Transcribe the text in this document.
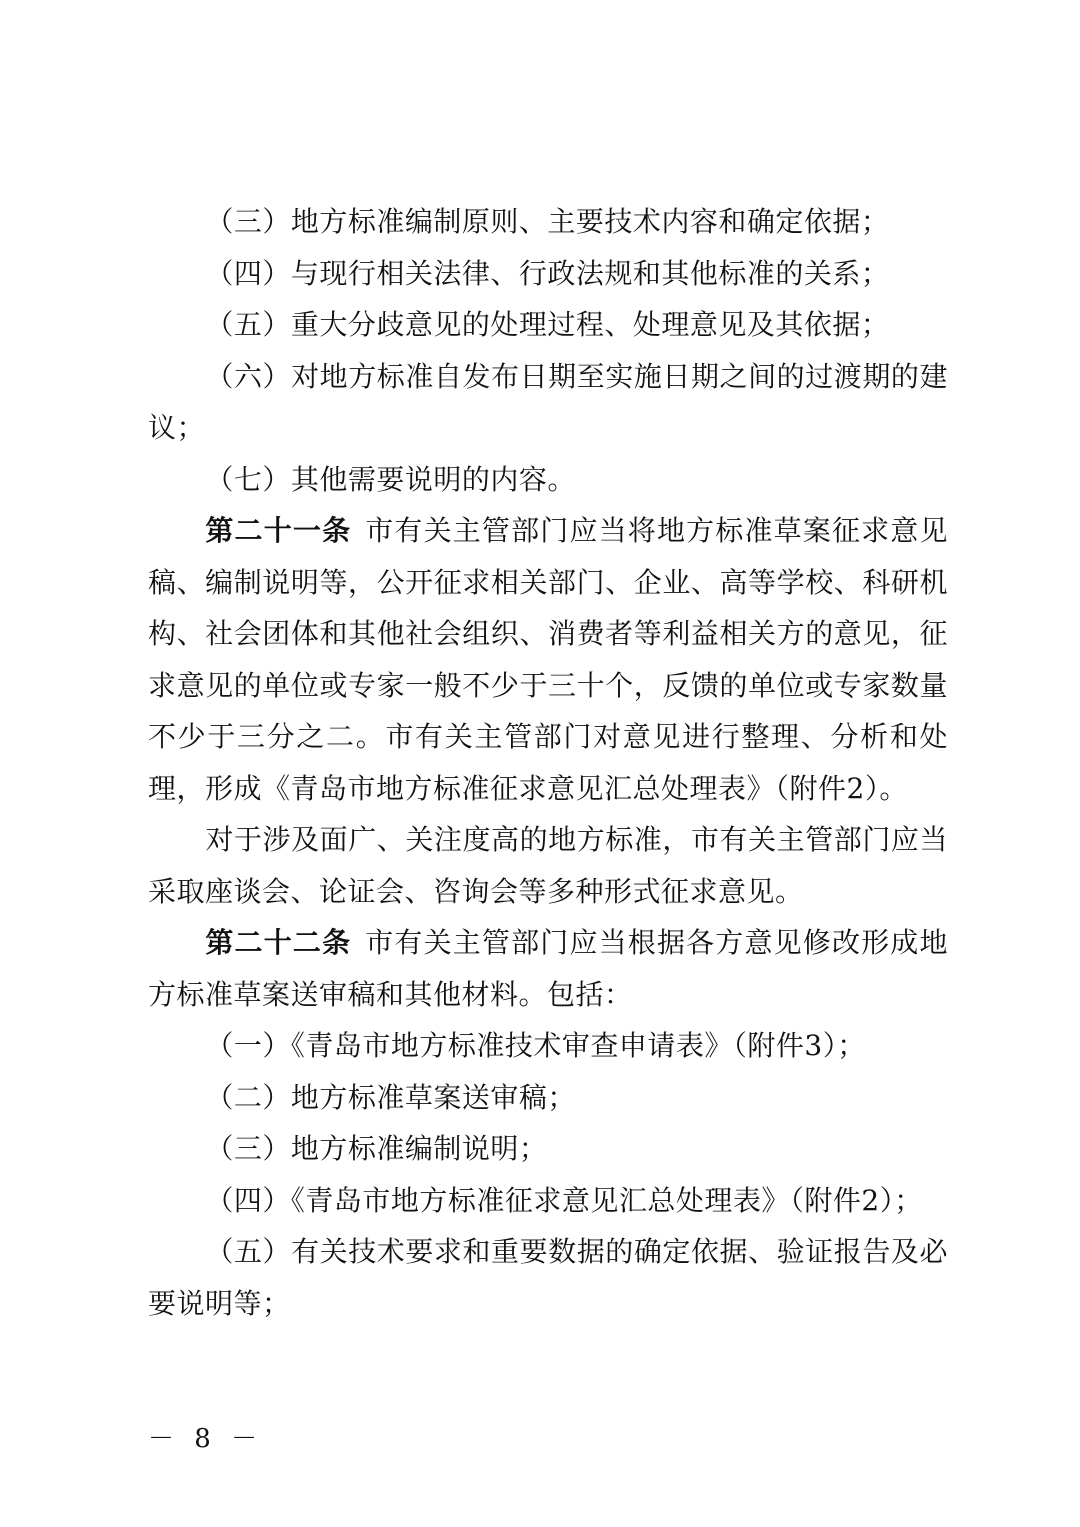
（三）地方标准编制原则、主要技术内容和确定依据；

（四）与现行相关法律、行政法规和其他标准的关系；

（五）重大分歧意见的处理过程、处理意见及其依据；

（六）对地方标准自发布日期至实施日期之间的过渡期的建议；

（七）其他需要说明的内容。

第二十一条 市有关主管部门应当将地方标准草案征求意见稿、编制说明等，公开征求相关部门、企业、高等学校、科研机构、社会团体和其他社会组织、消费者等利益相关方的意见，征求意见的单位或专家一般不少于三十个，反馈的单位或专家数量不少于三分之二。市有关主管部门对意见进行整理、分析和处理，形成《青岛市地方标准征求意见汇总处理表》（附件2）。

对于涉及面广、关注度高的地方标准，市有关主管部门应当采取座谈会、论证会、咨询会等多种形式征求意见。

第二十二条 市有关主管部门应当根据各方意见修改形成地方标准草案送审稿和其他材料。包括：

（一）《青岛市地方标准技术审查申请表》（附件3）；

（二）地方标准草案送审稿；

（三）地方标准编制说明；

（四）《青岛市地方标准征求意见汇总处理表》（附件2）；

（五）有关技术要求和重要数据的确定依据、验证报告及必要说明等；

－ 8 －
